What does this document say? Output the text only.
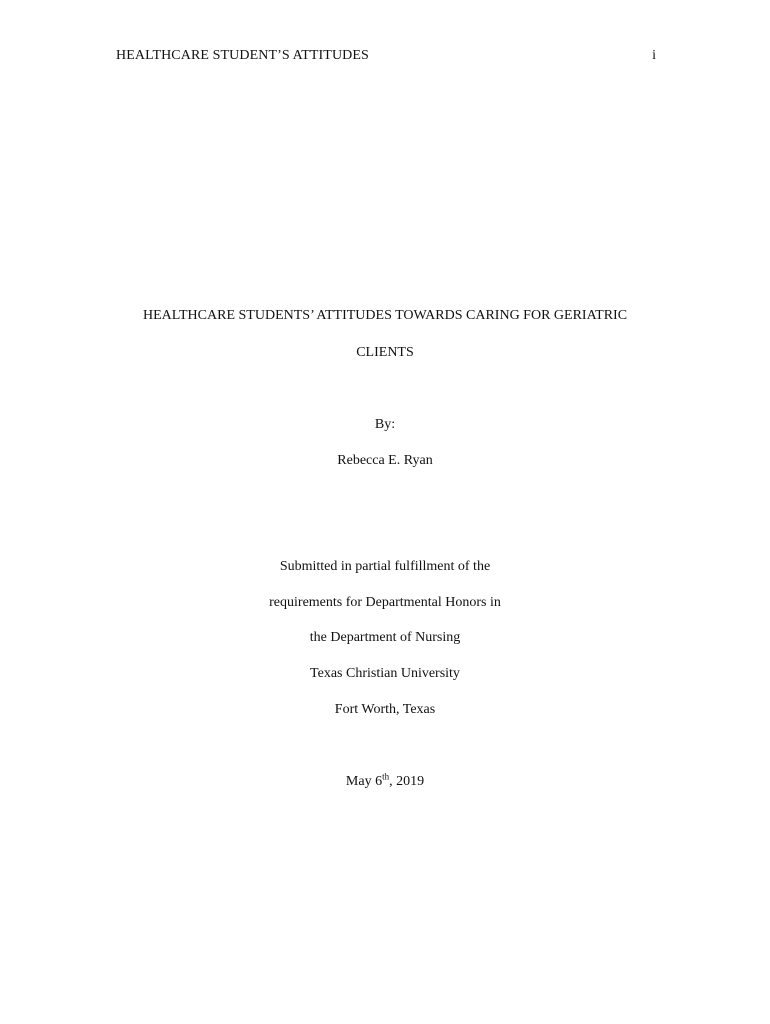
HEALTHCARE STUDENT’S ATTITUDES	i
HEALTHCARE STUDENTS’ ATTITUDES TOWARDS CARING FOR GERIATRIC
CLIENTS
By:
Rebecca E. Ryan
Submitted in partial fulfillment of the
requirements for Departmental Honors in
the Department of Nursing
Texas Christian University
Fort Worth, Texas
May 6th, 2019
